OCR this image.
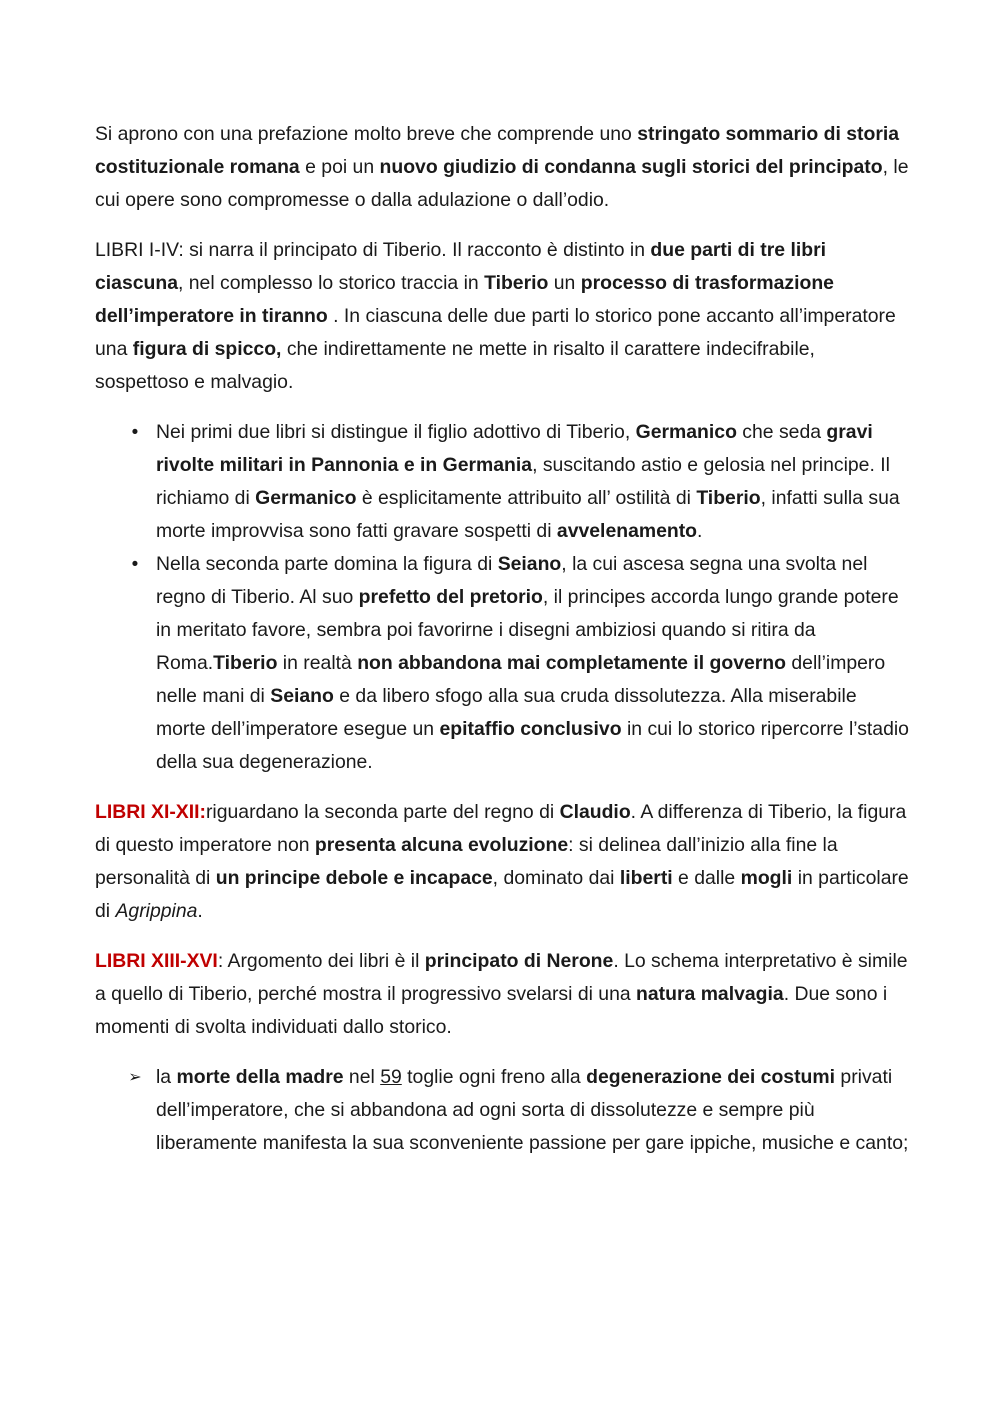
Si aprono con una prefazione molto breve che comprende uno stringato sommario di storia costituzionale romana e poi un nuovo giudizio di condanna sugli storici del principato, le cui opere sono compromesse o dalla adulazione o dall’odio.

LIBRI I-IV: si narra il principato di Tiberio. Il racconto è distinto in due parti di tre libri ciascuna, nel complesso lo storico traccia in Tiberio un processo di trasformazione dell’imperatore in tiranno . In ciascuna delle due parti lo storico pone accanto all’imperatore una figura di spicco, che indirettamente ne mette in risalto il carattere indecifrabile, sospettoso e malvagio.

• Nei primi due libri si distingue il figlio adottivo di Tiberio, Germanico che seda gravi rivolte militari in Pannonia e in Germania, suscitando astio e gelosia nel principe. Il richiamo di Germanico è esplicitamente attribuito all’ ostilità di Tiberio, infatti sulla sua morte improvvisa sono fatti gravare sospetti di avvelenamento.
• Nella seconda parte domina la figura di Seiano, la cui ascesa segna una svolta nel regno di Tiberio. Al suo prefetto del pretorio, il principes accorda lungo grande potere in meritato favore, sembra poi favorirne i disegni ambiziosi quando si ritira da Roma.Tiberio in realtà non abbandona mai completamente il governo dell’impero nelle mani di Seiano e da libero sfogo alla sua cruda dissolutezza. Alla miserabile morte dell’imperatore esegue un epitaffio conclusivo in cui lo storico ripercorre l’stadio della sua degenerazione.

LIBRI XI-XII:riguardano la seconda parte del regno di Claudio. A differenza di Tiberio, la figura di questo imperatore non presenta alcuna evoluzione: si delinea dall’inizio alla fine la personalità di un principe debole e incapace, dominato dai liberti e dalle mogli in particolare di Agrippina.

LIBRI XIII-XVI: Argomento dei libri è il principato di Nerone. Lo schema interpretativo è simile a quello di Tiberio, perché mostra il progressivo svelarsi di una natura malvagia. Due sono i momenti di svolta individuati dallo storico.

➢ la morte della madre nel 59 toglie ogni freno alla degenerazione dei costumi privati dell’imperatore, che si abbandona ad ogni sorta di dissolutezze e sempre più liberamente manifesta la sua sconveniente passione per gare ippiche, musiche e canto;
